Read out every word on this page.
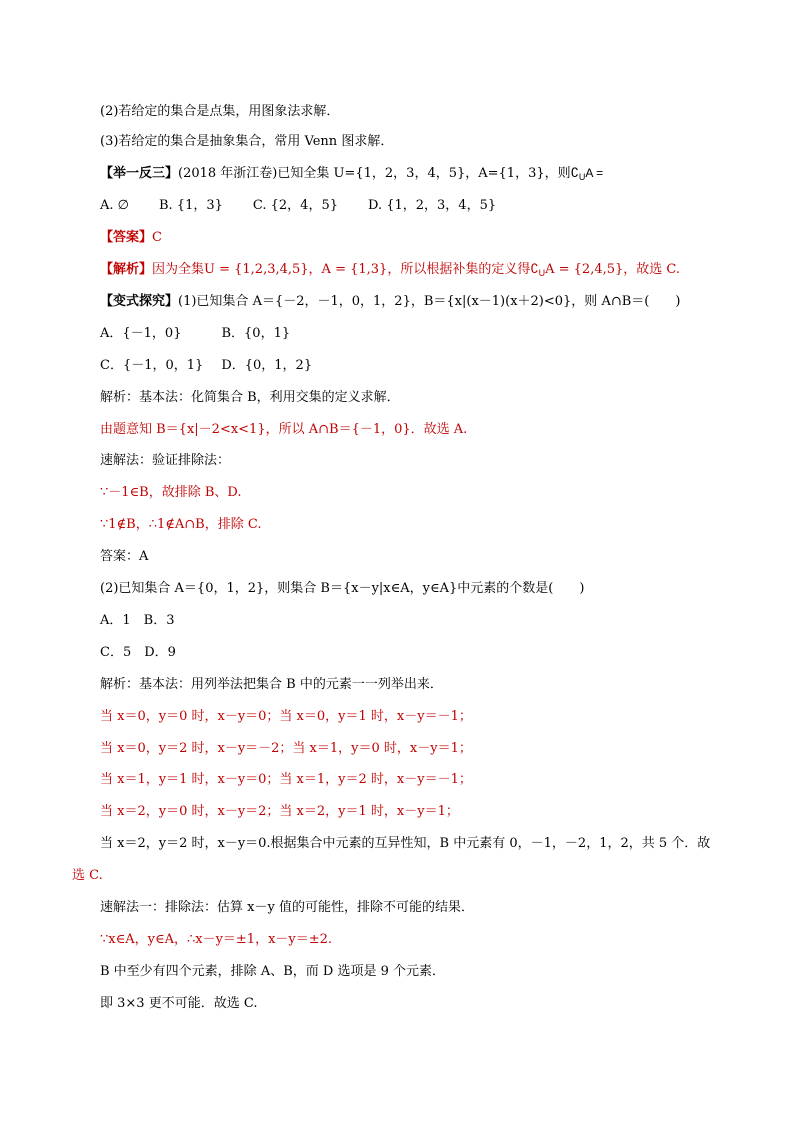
(2)若给定的集合是点集，用图象法求解．
(3)若给定的集合是抽象集合，常用 Venn 图求解．
【举一反三】(2018 年浙江卷)已知全集 U={1，2，3，4，5}，A={1，3}，则$∁_UA$ =
A. ∅ B. {1，3} C. {2，4，5} D. {1，2，3，4，5}
【答案】C
【解析】因为全集U = {1,2,3,4,5}，A = {1,3}，所以根据补集的定义得$∁_UA = \{2,4,5\}$，故选 C.
【变式探究】(1)已知集合 A＝{－2，－1，0，1，2}，B＝{x|(x－1)(x＋2)<0}，则 A∩B＝(　　)
A．{－1，0}	B．{0，1}
C．{－1，0，1} D．{0，1，2}
解析：基本法：化简集合 B，利用交集的定义求解．
由题意知 B＝{x|－2<x<1}，所以 A∩B＝{－1，0}．故选 A.
速解法：验证排除法：
∵－1∈B，故排除 B、D.
∵1∉B，∴1∉A∩B，排除 C.
答案：A
(2)已知集合 A＝{0，1，2}，则集合 B＝{x－y|x∈A，y∈A}中元素的个数是(　　)
A．1　B．3
C．5　D．9
解析：基本法：用列举法把集合 B 中的元素一一列举出来．
当 x＝0，y＝0 时，x－y＝0；当 x＝0，y＝1 时，x－y＝－1；
当 x＝0，y＝2 时，x－y＝－2；当 x＝1，y＝0 时，x－y＝1；
当 x＝1，y＝1 时，x－y＝0；当 x＝1，y＝2 时，x－y＝－1；
当 x＝2，y＝0 时，x－y＝2；当 x＝2，y＝1 时，x－y＝1；
当 x＝2，y＝2 时，x－y＝0.根据集合中元素的互异性知，B 中元素有 0，－1，－2，1，2，共 5 个．故
选 C.
速解法一：排除法：估算 x－y 值的可能性，排除不可能的结果．
∵x∈A，y∈A，∴x－y＝±1，x－y＝±2.
B 中至少有四个元素，排除 A、B，而 D 选项是 9 个元素．
即 3×3 更不可能．故选 C.
